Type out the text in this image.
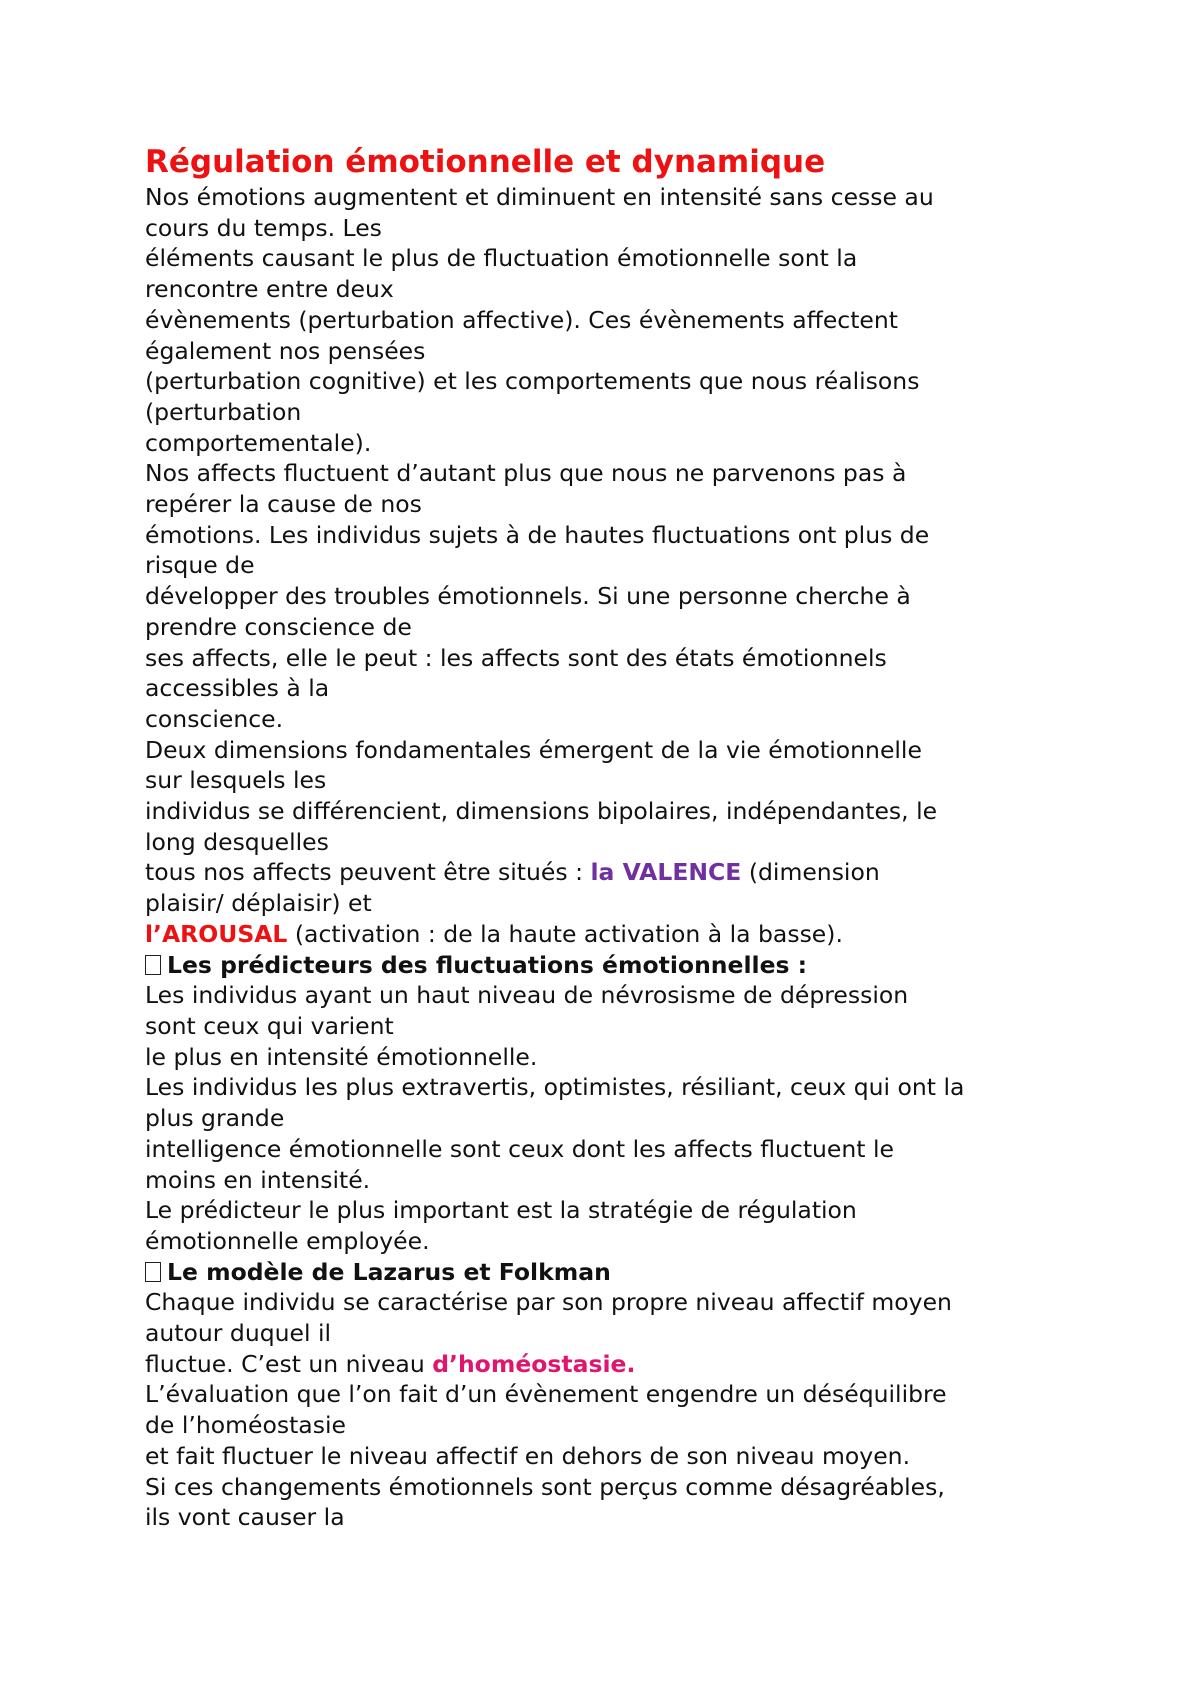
Régulation émotionnelle et dynamique

Nos émotions augmentent et diminuent en intensité sans cesse au

cours du temps. Les

éléments causant le plus de fluctuation émotionnelle sont la

rencontre entre deux

évènements (perturbation affective). Ces évènements affectent

également nos pensées

(perturbation cognitive) et les comportements que nous réalisons

(perturbation

comportementale).

Nos affects fluctuent d’autant plus que nous ne parvenons pas à

repérer la cause de nos

émotions. Les individus sujets à de hautes fluctuations ont plus de

risque de

développer des troubles émotionnels. Si une personne cherche à

prendre conscience de

ses affects, elle le peut : les affects sont des états émotionnels

accessibles à la

conscience.

Deux dimensions fondamentales émergent de la vie émotionnelle

sur lesquels les

individus se différencient, dimensions bipolaires, indépendantes, le

long desquelles

tous nos affects peuvent être situés : la VALENCE (dimension

plaisir/ déplaisir) et

l’AROUSAL (activation : de la haute activation à la basse).

Les prédicteurs des fluctuations émotionnelles :

Les individus ayant un haut niveau de névrosisme de dépression

sont ceux qui varient

le plus en intensité émotionnelle.

Les individus les plus extravertis, optimistes, résiliant, ceux qui ont la

plus grande

intelligence émotionnelle sont ceux dont les affects fluctuent le

moins en intensité.

Le prédicteur le plus important est la stratégie de régulation

émotionnelle employée.

Le modèle de Lazarus et Folkman

Chaque individu se caractérise par son propre niveau affectif moyen

autour duquel il

fluctue. C’est un niveau d’homéostasie.

L’évaluation que l’on fait d’un évènement engendre un déséquilibre

de l’homéostasie

et fait fluctuer le niveau affectif en dehors de son niveau moyen.

Si ces changements émotionnels sont perçus comme désagréables,

ils vont causer la
